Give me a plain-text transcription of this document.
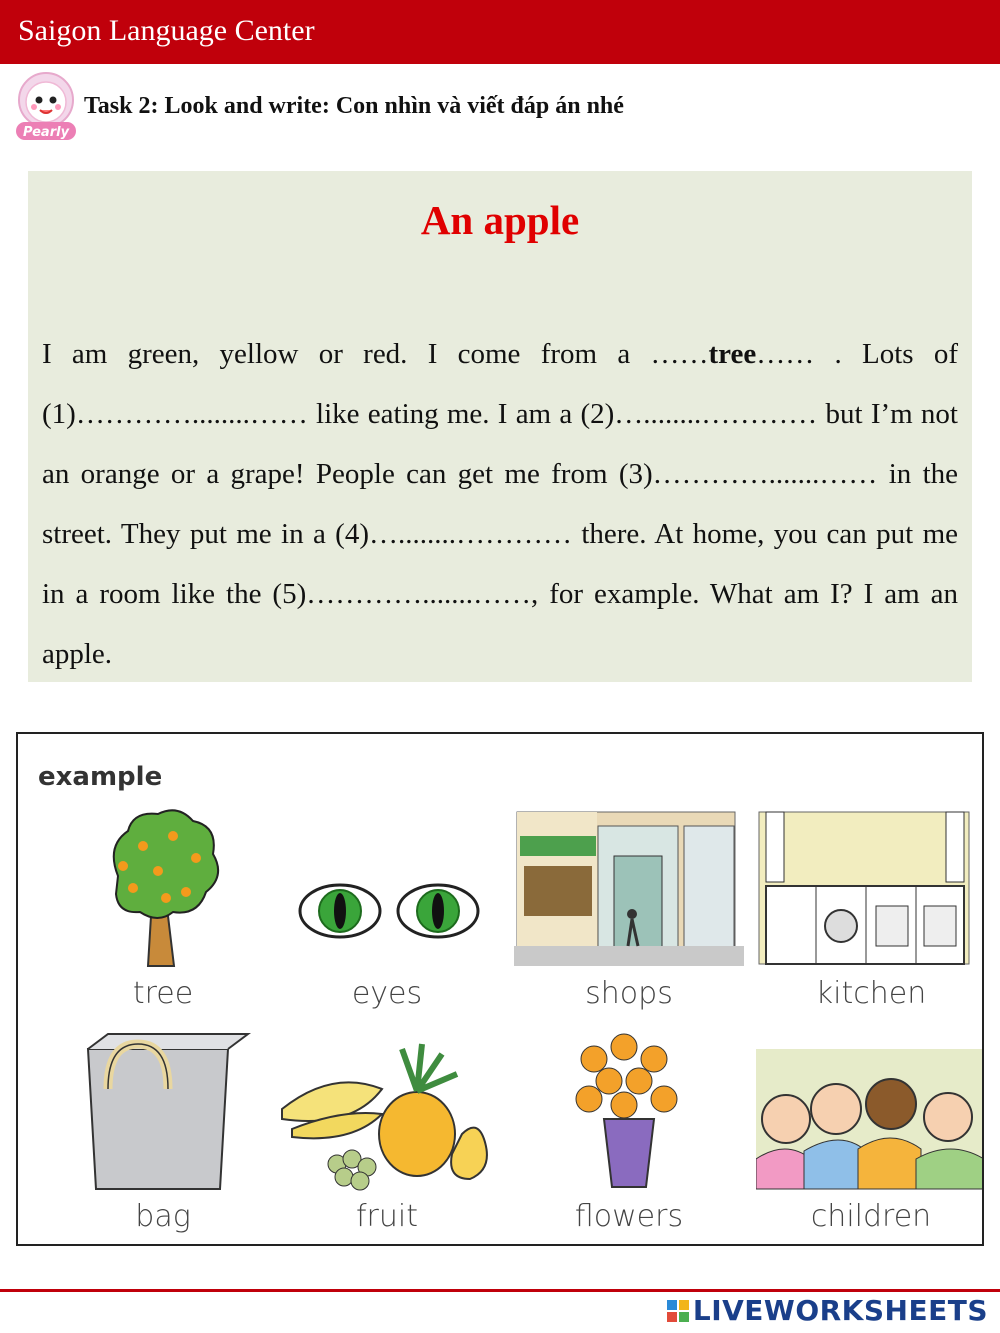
Saigon Language Center
Pearly
Task 2: Look and write: Con nhìn và viết đáp án nhé
An apple
I am green, yellow or red. I come from a ……tree…… . Lots of (1)…………........…… like eating me. I am a (2)…........………… but I’m not an orange or a grape! People can get me from (3)………….......…… in the street. They put me in a (4)…........………… there. At home, you can put me in a room like the (5)………….......……, for example. What am I? I am an apple.
example
tree	eyes	shops	kitchen
bag	fruit	flowers	children
LIVEWORKSHEETS
